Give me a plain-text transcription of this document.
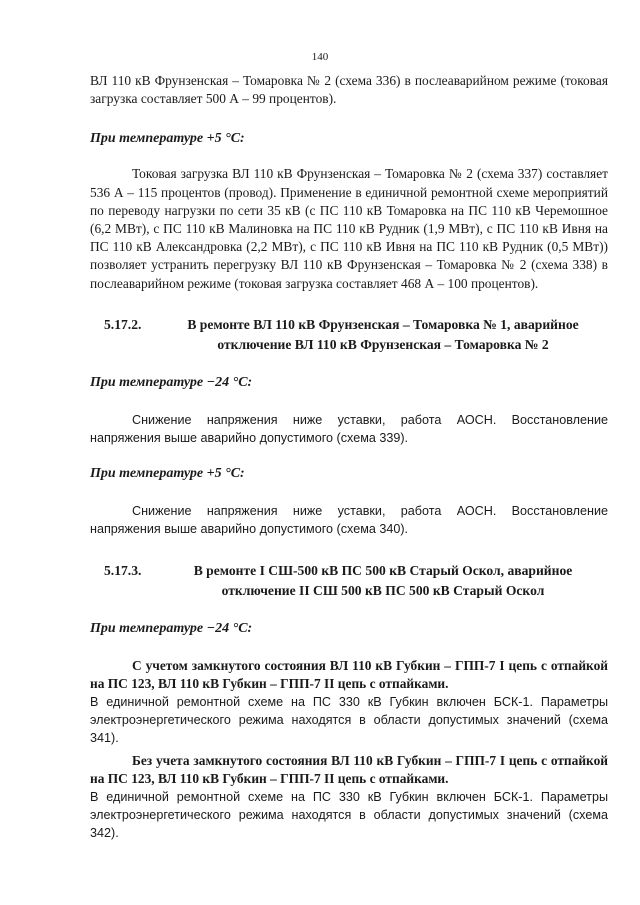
140

ВЛ 110 кВ Фрунзенская – Томаровка № 2 (схема 336) в послеаварийном режиме (токовая загрузка составляет 500 А – 99 процентов).

При температуре +5 °С:

Токовая загрузка ВЛ 110 кВ Фрунзенская – Томаровка № 2 (схема 337) составляет 536 А – 115 процентов (провод). Применение в единичной ремонтной схеме мероприятий по переводу нагрузки по сети 35 кВ (с ПС 110 кВ Томаровка на ПС 110 кВ Черемошное (6,2 МВт), с ПС 110 кВ Малиновка на ПС 110 кВ Рудник (1,9 МВт), с ПС 110 кВ Ивня на ПС 110 кВ Александровка (2,2 МВт), с ПС 110 кВ Ивня на ПС 110 кВ Рудник (0,5 МВт)) позволяет устранить перегрузку ВЛ 110 кВ Фрунзенская – Томаровка № 2 (схема 338) в послеаварийном режиме (токовая загрузка составляет 468 А – 100 процентов).

5.17.2.	В ремонте ВЛ 110 кВ Фрунзенская – Томаровка № 1, аварийное отключение ВЛ 110 кВ Фрунзенская – Томаровка № 2

При температуре −24 °С:

Снижение напряжения ниже уставки, работа АОСН. Восстановление напряжения выше аварийно допустимого (схема 339).

При температуре +5 °С:

Снижение напряжения ниже уставки, работа АОСН. Восстановление напряжения выше аварийно допустимого (схема 340).

5.17.3.	В ремонте I СШ-500 кВ ПС 500 кВ Старый Оскол, аварийное отключение II СШ 500 кВ ПС 500 кВ Старый Оскол

При температуре −24 °С:

С учетом замкнутого состояния ВЛ 110 кВ Губкин – ГПП-7 I цепь с отпайкой на ПС 123, ВЛ 110 кВ Губкин – ГПП-7 II цепь с отпайками.

В единичной ремонтной схеме на ПС 330 кВ Губкин включен БСК-1. Параметры электроэнергетического режима находятся в области допустимых значений (схема 341).

Без учета замкнутого состояния ВЛ 110 кВ Губкин – ГПП-7 I цепь с отпайкой на ПС 123, ВЛ 110 кВ Губкин – ГПП-7 II цепь с отпайками.

В единичной ремонтной схеме на ПС 330 кВ Губкин включен БСК-1. Параметры электроэнергетического режима находятся в области допустимых значений (схема 342).
